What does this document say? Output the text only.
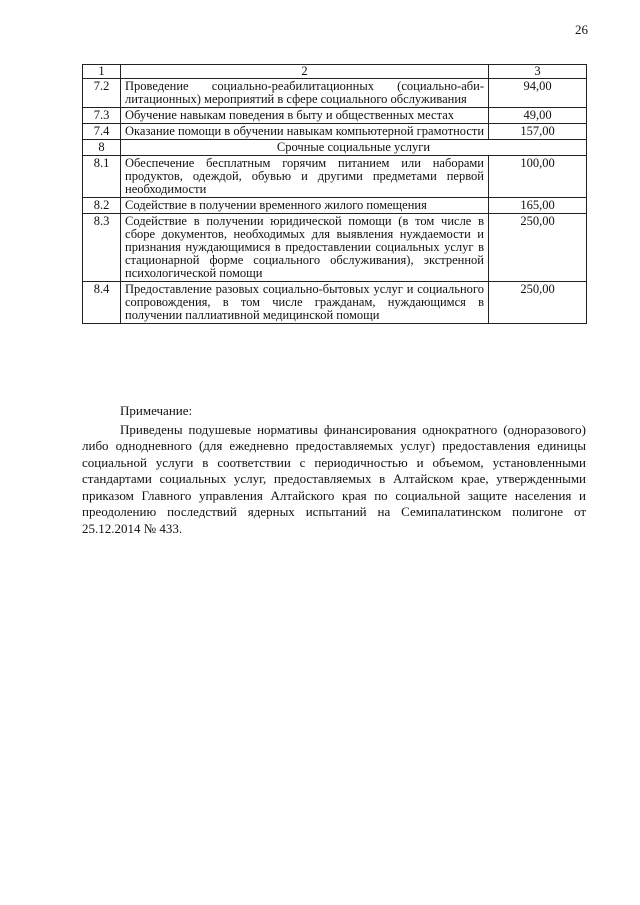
26
1	2	3
7.2	Проведение социально-реабилитационных (социально-абилитационных) мероприятий в сфере социального обслуживания	94,00
7.3	Обучение навыкам поведения в быту и общественных местах	49,00
7.4	Оказание помощи в обучении навыкам компьютерной грамотности	157,00
8	Срочные социальные услуги	
8.1	Обеспечение бесплатным горячим питанием или наборами продуктов, одеждой, обувью и другими предметами первой необходимости	100,00
8.2	Содействие в получении временного жилого помещения	165,00
8.3	Содействие в получении юридической помощи (в том числе в сборе документов, необходимых для выявления нуждаемости и признания нуждающимися в предоставлении социальных услуг в стационарной форме социального обслуживания), экстренной психологической помощи	250,00
8.4	Предоставление разовых социально-бытовых услуг и социального сопровождения, в том числе гражданам, нуждающимся в получении паллиативной медицинской помощи	250,00

Примечание:

Приведены подушевые нормативы финансирования однократного (одноразового) либо однодневного (для ежедневно предоставляемых услуг) предоставления единицы социальной услуги в соответствии с периодичностью и объемом, установленными стандартами социальных услуг, предоставляемых в Алтайском крае, утвержденными приказом Главного управления Алтайского края по социальной защите населения и преодолению последствий ядерных испытаний на Семипалатинском полигоне от 25.12.2014 № 433.
